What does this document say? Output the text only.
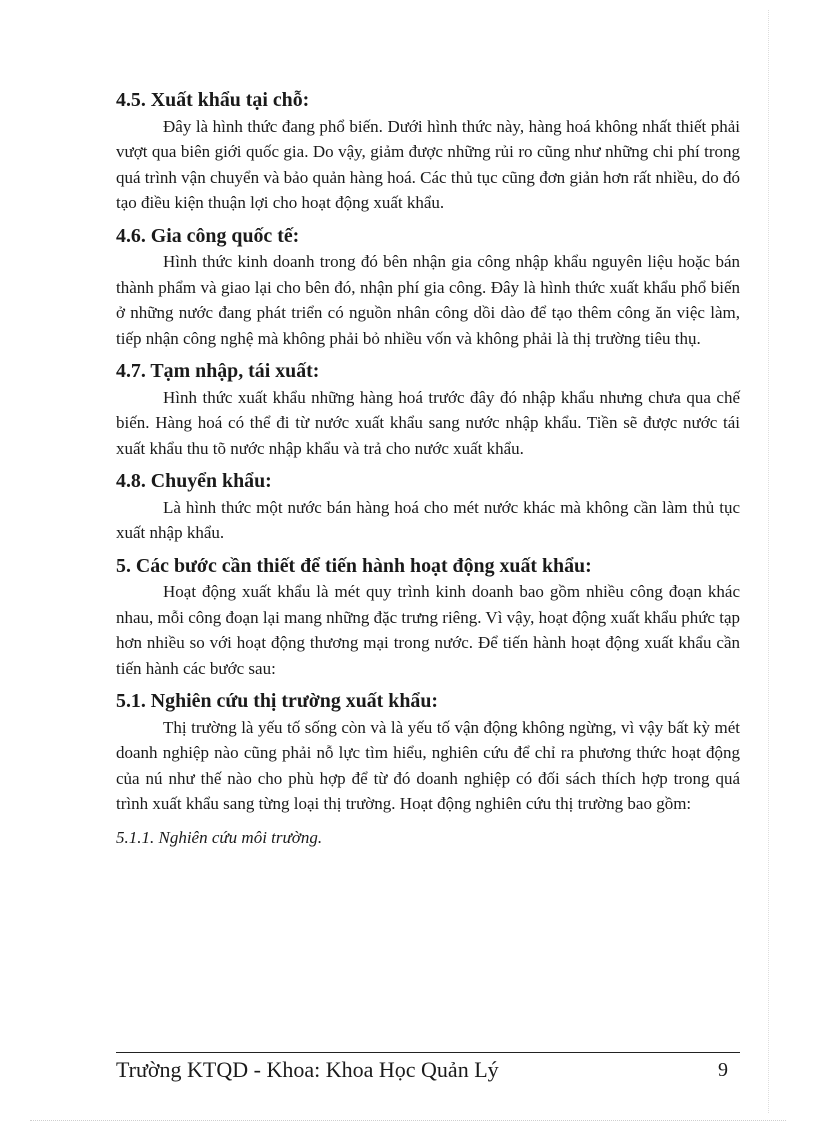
4.5. Xuất khẩu tại chỗ:

Đây là hình thức đang phổ biến. Dưới hình thức này, hàng hoá không nhất thiết phải vượt qua biên giới quốc gia. Do vậy, giảm được những rủi ro cũng như những chi phí trong quá trình vận chuyển và bảo quản hàng hoá. Các thủ tục cũng đơn giản hơn rất nhiều, do đó tạo điều kiện thuận lợi cho hoạt động xuất khẩu.

4.6. Gia công quốc tế:

Hình thức kinh doanh trong đó bên nhận gia công nhập khẩu nguyên liệu hoặc bán thành phẩm và giao lại cho bên đó, nhận phí gia công. Đây là hình thức xuất khẩu phổ biến ở những nước đang phát triển có nguồn nhân công dồi dào để tạo thêm công ăn việc làm, tiếp nhận công nghệ mà không phải bỏ nhiều vốn và không phải là thị trường tiêu thụ.

4.7. Tạm nhập, tái xuất:

Hình thức xuất khẩu những hàng hoá trước đây đó nhập khẩu nhưng chưa qua chế biến. Hàng hoá có thể đi từ nước xuất khẩu sang nước nhập khẩu. Tiền sẽ được nước tái xuất khẩu thu tõ nước nhập khẩu và trả cho nước xuất khẩu.

4.8. Chuyển khẩu:

Là hình thức một nước bán hàng hoá cho mét nước khác mà không cần làm thủ tục xuất nhập khẩu.

5. Các bước cần thiết để tiến hành hoạt động xuất khẩu:

Hoạt động xuất khẩu là mét quy trình kinh doanh bao gồm nhiều công đoạn khác nhau, mỗi công đoạn lại mang những đặc trưng riêng. Vì vậy, hoạt động xuất khẩu phức tạp hơn nhiều so với hoạt động thương mại trong nước. Để tiến hành hoạt động xuất khẩu cần tiến hành các bước sau:

5.1. Nghiên cứu thị trường xuất khẩu:

Thị trường là yếu tố sống còn và là yếu tố vận động không ngừng, vì vậy bất kỳ mét doanh nghiệp nào cũng phải nỗ lực tìm hiểu, nghiên cứu để chỉ ra phương thức hoạt động của nú như thế nào cho phù hợp để từ đó doanh nghiệp có đối sách thích hợp trong quá trình xuất khẩu sang từng loại thị trường. Hoạt động nghiên cứu thị trường bao gồm:

5.1.1. Nghiên cứu môi trường.

Trường KTQD - Khoa: Khoa Học Quản Lý	9
